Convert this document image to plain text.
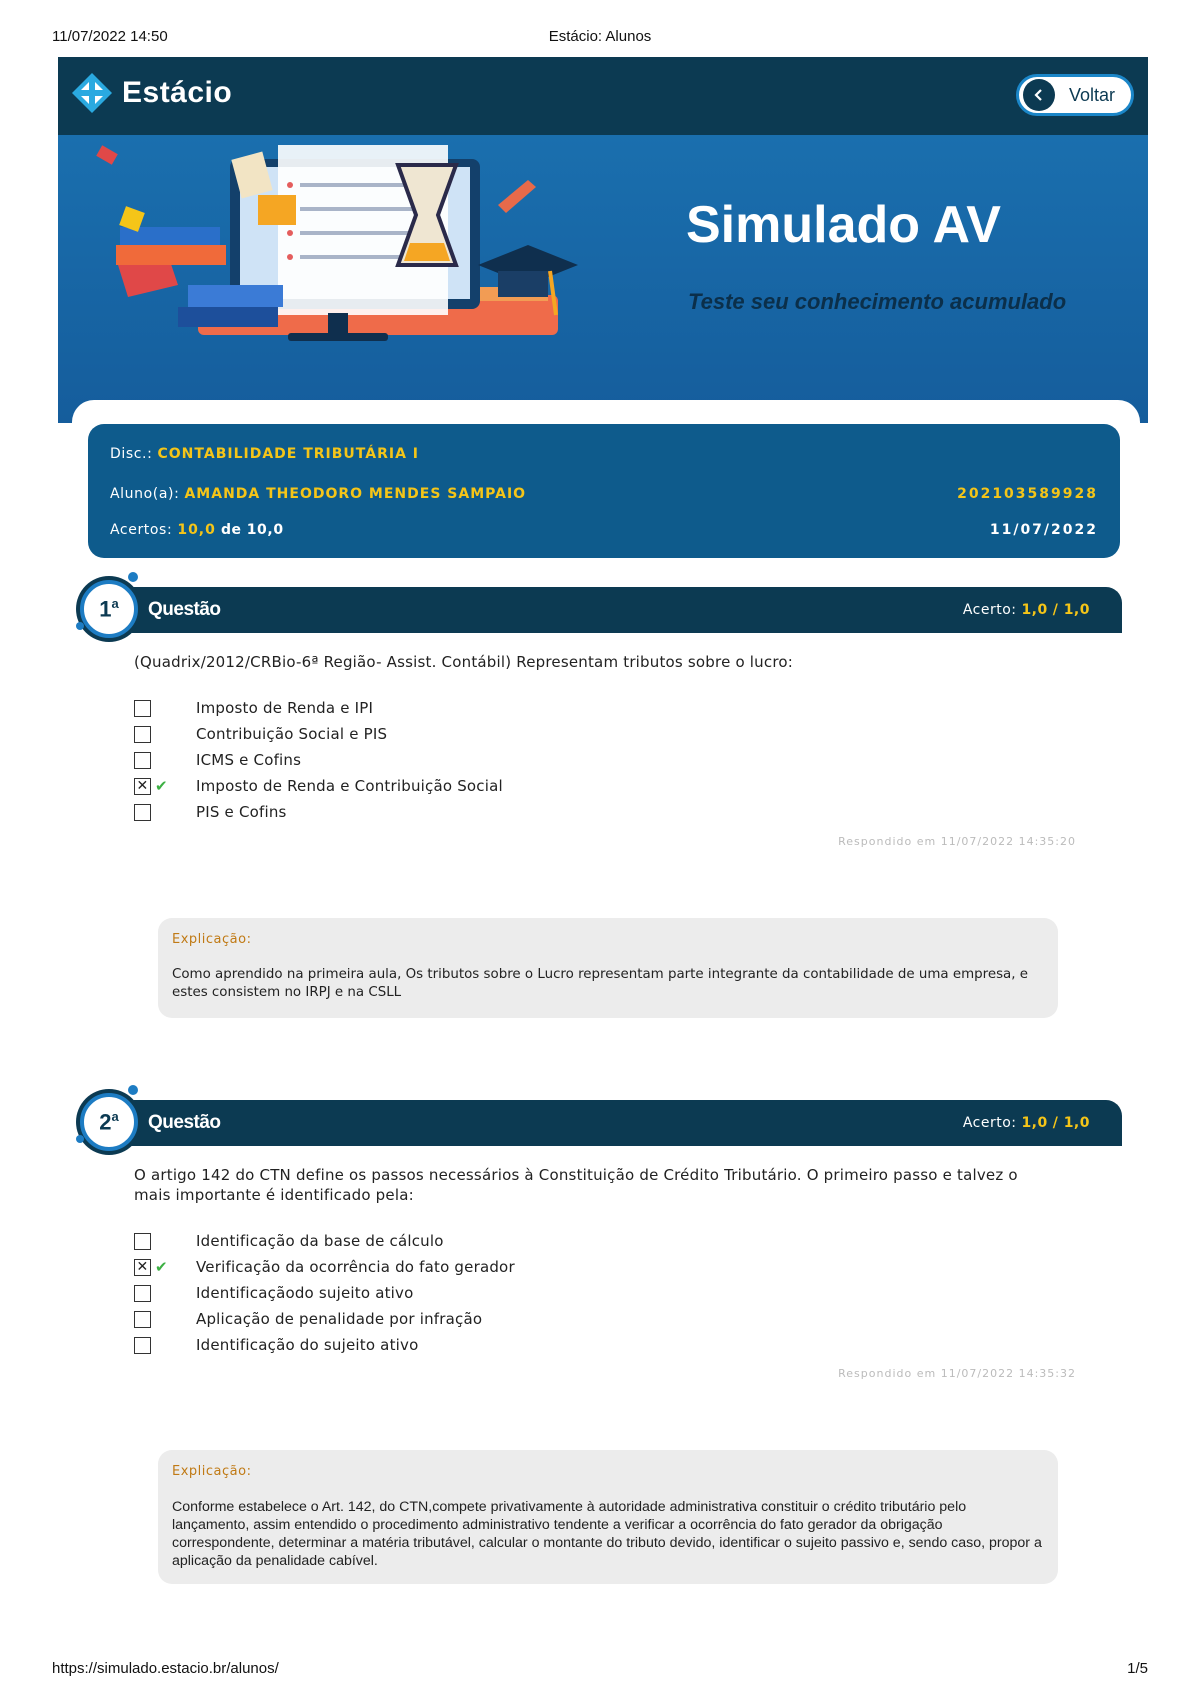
11/07/2022 14:50	Estácio: Alunos
https://simulado.estacio.br/alunos/	1/5
Estácio	Voltar
Simulado AV
Teste seu conhecimento acumulado
Disc.: CONTABILIDADE TRIBUTÁRIA I
Aluno(a): AMANDA THEODORO MENDES SAMPAIO	202103589928
Acertos: 10,0 de 10,0	11/07/2022
Questão	Acerto: 1,0 / 1,0
1$^a$
(Quadrix/2012/CRBio-6ª Região- Assist. Contábil) Representam tributos sobre o lucro:
Imposto de Renda e IPI
Contribuição Social e PIS
ICMS e Cofins
✕ ✔	Imposto de Renda e Contribuição Social
PIS e Cofins
Respondido em 11/07/2022 14:35:20
Explicação:
Como aprendido na primeira aula, Os tributos sobre o Lucro representam parte integrante da contabilidade de uma empresa, e estes consistem no IRPJ e na CSLL
Questão	Acerto: 1,0 / 1,0
2$^a$
O artigo 142 do CTN define os passos necessários à Constituição de Crédito Tributário. O primeiro passo e talvez o mais importante é identificado pela:
Identificação da base de cálculo
✕ ✔	Verificação da ocorrência do fato gerador
Identificaçãodo sujeito ativo
Aplicação de penalidade por infração
Identificação do sujeito ativo
Respondido em 11/07/2022 14:35:32
Explicação:
Conforme estabelece o Art. 142, do CTN,compete privativamente à autoridade administrativa constituir o crédito tributário pelo lançamento, assim entendido o procedimento administrativo tendente a verificar a ocorrência do fato gerador da obrigação correspondente, determinar a matéria tributável, calcular o montante do tributo devido, identificar o sujeito passivo e, sendo caso, propor a aplicação da penalidade cabível.
